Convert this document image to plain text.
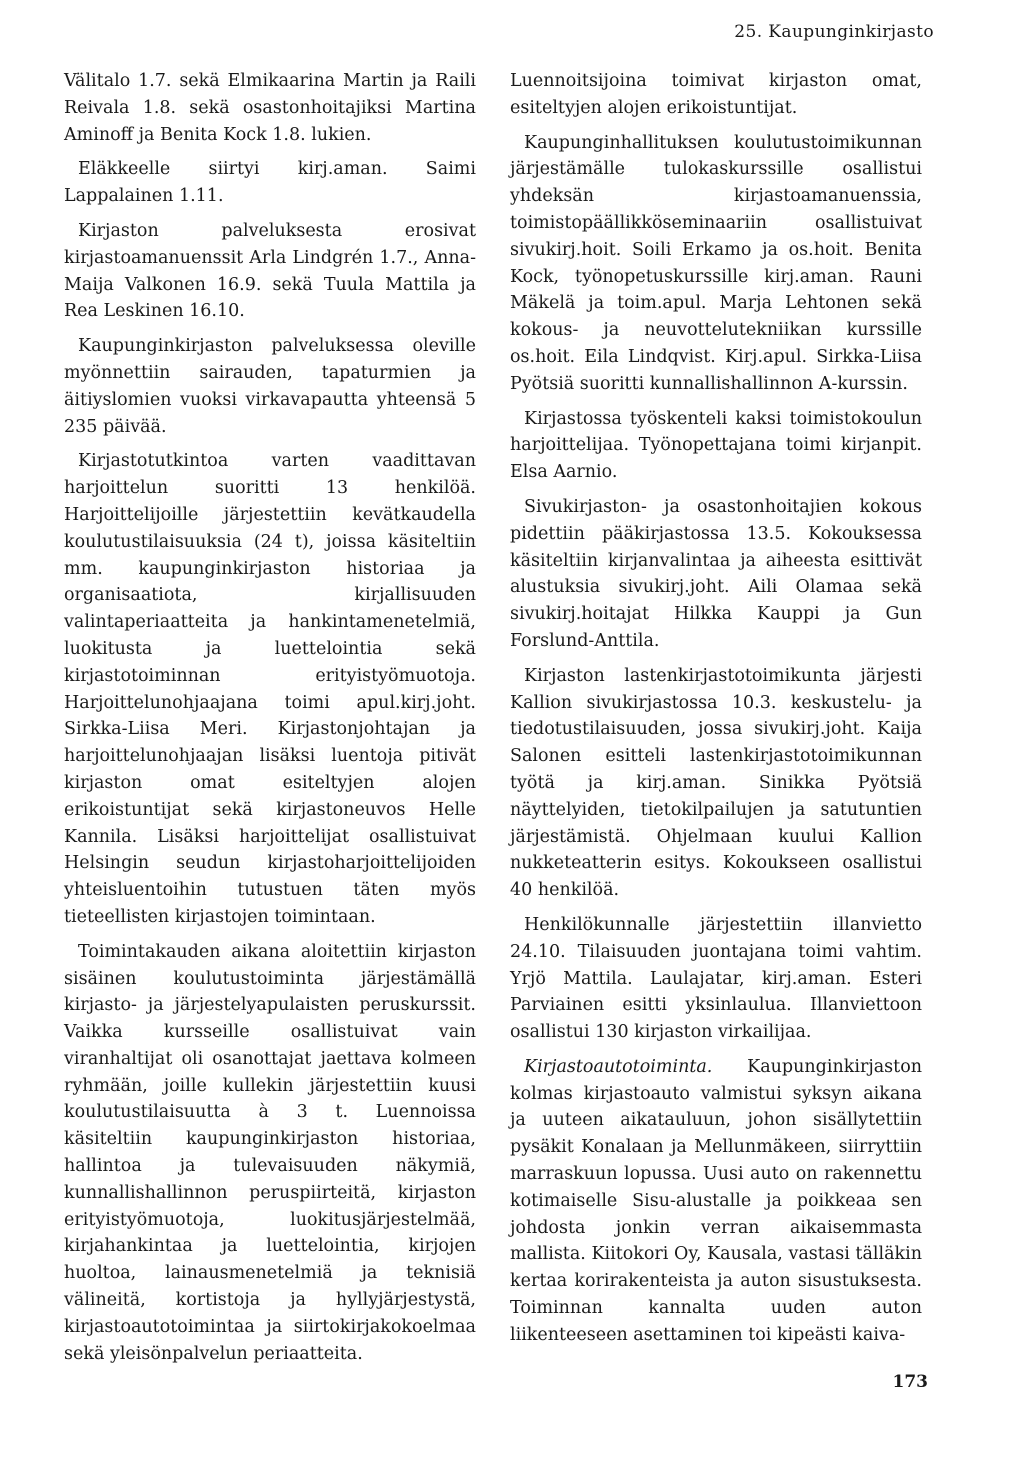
25. Kaupunginkirjasto

Välitalo 1.7. sekä Elmikaarina Martin ja Raili Reivala 1.8. sekä osastonhoitajiksi Martina Aminoff ja Benita Kock 1.8. lukien.

Eläkkeelle siirtyi kirj.aman. Saimi Lappalainen 1.11.

Kirjaston palveluksesta erosivat kirjastoamanuenssit Arla Lindgrén 1.7., Anna-Maija Valkonen 16.9. sekä Tuula Mattila ja Rea Leskinen 16.10.

Kaupunginkirjaston palveluksessa oleville myönnettiin sairauden, tapaturmien ja äitiyslomien vuoksi virkavapautta yhteensä 5 235 päivää.

Kirjastotutkintoa varten vaadittavan harjoittelun suoritti 13 henkilöä. Harjoittelijoille järjestettiin kevätkaudella koulutustilaisuuksia (24 t), joissa käsiteltiin mm. kaupunginkirjaston historiaa ja organisaatiota, kirjallisuuden valintaperiaatteita ja hankintamenetelmiä, luokitusta ja luettelointia sekä kirjastotoiminnan erityistyömuotoja. Harjoittelunohjaajana toimi apul.kirj.joht. Sirkka-Liisa Meri. Kirjastonjohtajan ja harjoittelunohjaajan lisäksi luentoja pitivät kirjaston omat esiteltyjen alojen erikoistuntijat sekä kirjastoneuvos Helle Kannila. Lisäksi harjoittelijat osallistuivat Helsingin seudun kirjastoharjoittelijoiden yhteisluentoihin tutustuen täten myös tieteellisten kirjastojen toimintaan.

Toimintakauden aikana aloitettiin kirjaston sisäinen koulutustoiminta järjestämällä kirjasto- ja järjestelyapulaisten peruskurssit. Vaikka kursseille osallistuivat vain viranhaltijat oli osanottajat jaettava kolmeen ryhmään, joille kullekin järjestettiin kuusi koulutustilaisuutta à 3 t. Luennoissa käsiteltiin kaupunginkirjaston historiaa, hallintoa ja tulevaisuuden näkymiä, kunnallishallinnon peruspiirteitä, kirjaston erityistyömuotoja, luokitusjärjestelmää, kirjahankintaa ja luettelointia, kirjojen huoltoa, lainausmenetelmiä ja teknisiä välineitä, kortistoja ja hyllyjärjestystä, kirjastoautotoimintaa ja siirtokirjakokoelmaa sekä yleisönpalvelun periaatteita.

Luennoitsijoina toimivat kirjaston omat, esiteltyjen alojen erikoistuntijat.

Kaupunginhallituksen koulutustoimikunnan järjestämälle tulokaskurssille osallistui yhdeksän kirjastoamanuenssia, toimistopäällikköseminaariin osallistuivat sivukirj.hoit. Soili Erkamo ja os.hoit. Benita Kock, työnopetuskurssille kirj.aman. Rauni Mäkelä ja toim.apul. Marja Lehtonen sekä kokous- ja neuvottelutekniikan kurssille os.hoit. Eila Lindqvist. Kirj.apul. Sirkka-Liisa Pyötsiä suoritti kunnallishallinnon A-kurssin.

Kirjastossa työskenteli kaksi toimistokoulun harjoittelijaa. Työnopettajana toimi kirjanpit. Elsa Aarnio.

Sivukirjaston- ja osastonhoitajien kokous pidettiin pääkirjastossa 13.5. Kokouksessa käsiteltiin kirjanvalintaa ja aiheesta esittivät alustuksia sivukirj.joht. Aili Olamaa sekä sivukirj.hoitajat Hilkka Kauppi ja Gun Forslund-Anttila.

Kirjaston lastenkirjastotoimikunta järjesti Kallion sivukirjastossa 10.3. keskustelu- ja tiedotustilaisuuden, jossa sivukirj.joht. Kaija Salonen esitteli lastenkirjastotoimikunnan työtä ja kirj.aman. Sinikka Pyötsiä näyttelyiden, tietokilpailujen ja satutuntien järjestämistä. Ohjelmaan kuului Kallion nukketeatterin esitys. Kokoukseen osallistui 40 henkilöä.

Henkilökunnalle järjestettiin illanvietto 24.10. Tilaisuuden juontajana toimi vahtim. Yrjö Mattila. Laulajatar, kirj.aman. Esteri Parviainen esitti yksinlaulua. Illanviettoon osallistui 130 kirjaston virkailijaa.

Kirjastoautotoiminta. Kaupunginkirjaston kolmas kirjastoauto valmistui syksyn aikana ja uuteen aikatauluun, johon sisällytettiin pysäkit Konalaan ja Mellunmäkeen, siirryttiin marraskuun lopussa. Uusi auto on rakennettu kotimaiselle Sisu-alustalle ja poikkeaa sen johdosta jonkin verran aikaisemmasta mallista. Kiitokori Oy, Kausala, vastasi tälläkin kertaa korirakenteista ja auton sisustuksesta. Toiminnan kannalta uuden auton liikenteeseen asettaminen toi kipeästi kaiva-

173
